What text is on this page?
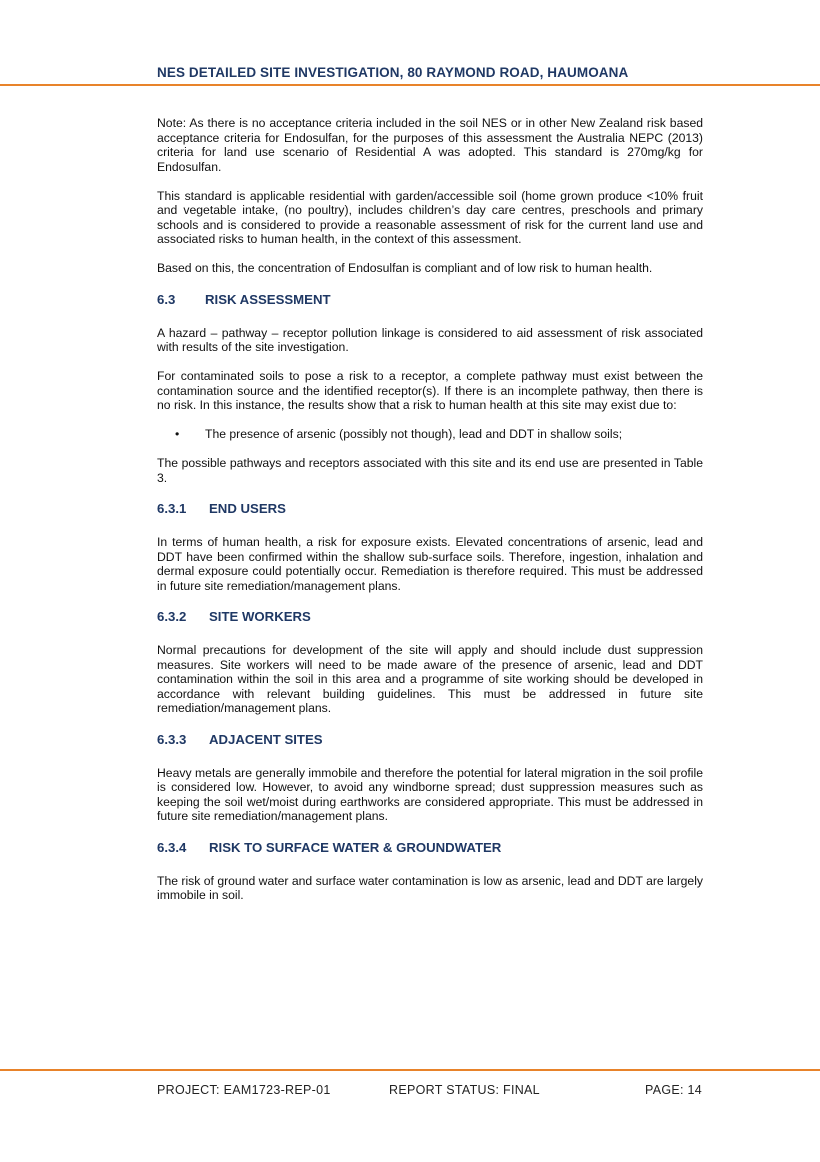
NES DETAILED SITE INVESTIGATION, 80 RAYMOND ROAD, HAUMOANA

Note: As there is no acceptance criteria included in the soil NES or in other New Zealand risk based acceptance criteria for Endosulfan, for the purposes of this assessment the Australia NEPC (2013) criteria for land use scenario of Residential A was adopted. This standard is 270mg/kg for Endosulfan.

This standard is applicable residential with garden/accessible soil (home grown produce <10% fruit and vegetable intake, (no poultry), includes children’s day care centres, preschools and primary schools and is considered to provide a reasonable assessment of risk for the current land use and associated risks to human health, in the context of this assessment.

Based on this, the concentration of Endosulfan is compliant and of low risk to human health.

6.3	RISK ASSESSMENT

A hazard – pathway – receptor pollution linkage is considered to aid assessment of risk associated with results of the site investigation.

For contaminated soils to pose a risk to a receptor, a complete pathway must exist between the contamination source and the identified receptor(s). If there is an incomplete pathway, then there is no risk. In this instance, the results show that a risk to human health at this site may exist due to:

•	The presence of arsenic (possibly not though), lead and DDT in shallow soils;

The possible pathways and receptors associated with this site and its end use are presented in Table 3.

6.3.1	END USERS

In terms of human health, a risk for exposure exists. Elevated concentrations of arsenic, lead and DDT have been confirmed within the shallow sub-surface soils. Therefore, ingestion, inhalation and dermal exposure could potentially occur. Remediation is therefore required. This must be addressed in future site remediation/management plans.

6.3.2	SITE WORKERS

Normal precautions for development of the site will apply and should include dust suppression measures. Site workers will need to be made aware of the presence of arsenic, lead and DDT contamination within the soil in this area and a programme of site working should be developed in accordance with relevant building guidelines. This must be addressed in future site remediation/management plans.

6.3.3	ADJACENT SITES

Heavy metals are generally immobile and therefore the potential for lateral migration in the soil profile is considered low. However, to avoid any windborne spread; dust suppression measures such as keeping the soil wet/moist during earthworks are considered appropriate. This must be addressed in future site remediation/management plans.

6.3.4	RISK TO SURFACE WATER & GROUNDWATER

The risk of ground water and surface water contamination is low as arsenic, lead and DDT are largely immobile in soil.

PROJECT: EAM1723-REP-01	REPORT STATUS: FINAL	PAGE: 14
